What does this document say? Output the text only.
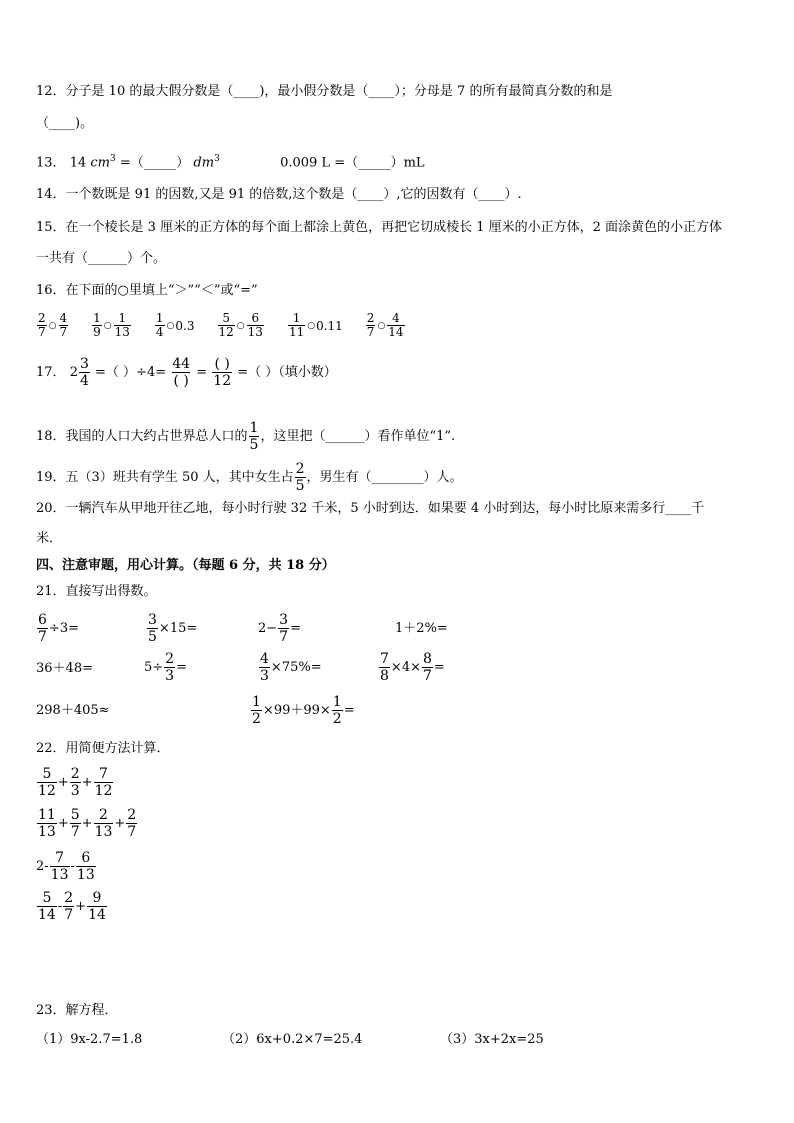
12．分子是 10 的最大假分数是（____)，最小假分数是（____）；分母是 7 的所有最简真分数的和是
（____)。
13． 14 $cm^3$ =（_____） $dm^3$	0.009 L =（_____）mL
14．一个数既是 91 的因数,又是 91 的倍数,这个数是（____）,它的因数有（____）.
15．在一个棱长是 3 厘米的正方体的每个面上都涂上黄色，再把它切成棱长 1 厘米的小正方体，2 面涂黄色的小正方体
一共有（______）个。
16．在下面的○里填上“＞”“＜”或“=”
$\frac{2}{7}$ ○ $\frac{4}{7} \frac{1}{9}$ ○ $\frac{1}{13} \frac{1}{4}$ ○ $0.3 \frac{5}{12}$ ○ $\frac{6}{13} \frac{1}{11}$ ○ $0.11 \frac{2}{7}$ ○ $\frac{4}{14}$
17． $2 \frac{3}{4}$ =（ ）$\div 4= \frac{44}{( )} = \frac{( )}{12}$ =（ ）（填小数）
18．我国的人口大约占世界总人口的 $\frac{1}{5}$ ，这里把（______）看作单位“1”.
19．五（3）班共有学生 50 人，其中女生占 $\frac{2}{5}$ ，男生有（________）人。
20．一辆汽车从甲地开往乙地，每小时行驶 32 千米，5 小时到达．如果要 4 小时到达，每小时比原来需多行____千
米．
四、注意审题，用心计算。（每题 6 分，共 18 分）
21．直接写出得数。
$\frac{6}{7} \div 3=$	$\frac{3}{5} \times 15=$	$2- \frac{3}{7}$ =	1＋2%=
36＋48=	$5\div \frac{2}{3}$ =	$\frac{4}{3} \times 75\%=$	$\frac{7}{8} \times 4\times \frac{8}{7}$ =
298＋405≈	$\frac{1}{2} \times 99+99\times \frac{1}{2}$ =
22．用简便方法计算．
$\frac{5}{12} + \frac{2}{3} + \frac{7}{12}$
$\frac{11}{13} + \frac{5}{7} + \frac{2}{13} + \frac{2}{7}$
$2- \frac{7}{13} - \frac{6}{13}$
$\frac{5}{14} - \frac{2}{7} + \frac{9}{14}$
23．解方程．
（1）9x-2.7=1.8	（2）6x+0.2×7=25.4	（3）3x+2x=25
